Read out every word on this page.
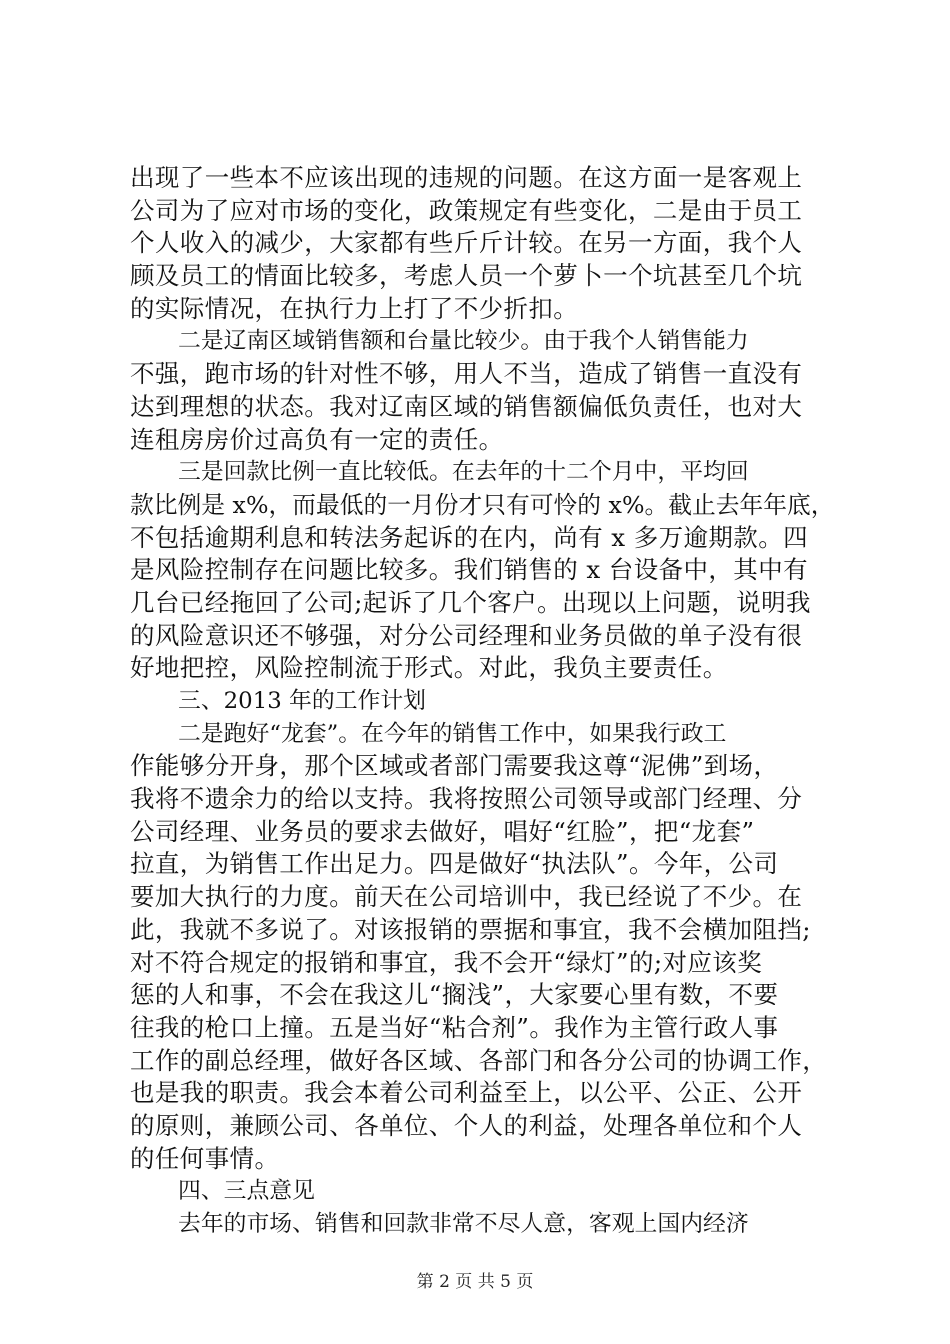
出现了一些本不应该出现的违规的问题。在这方面一是客观上
公司为了应对市场的变化，政策规定有些变化，二是由于员工
个人收入的减少，大家都有些斤斤计较。在另一方面，我个人
顾及员工的情面比较多，考虑人员一个萝卜一个坑甚至几个坑
的实际情况，在执行力上打了不少折扣。
二是辽南区域销售额和台量比较少。由于我个人销售能力
不强，跑市场的针对性不够，用人不当，造成了销售一直没有
达到理想的状态。我对辽南区域的销售额偏低负责任，也对大
连租房房价过高负有一定的责任。
三是回款比例一直比较低。在去年的十二个月中，平均回
款比例是 x%，而最低的一月份才只有可怜的 x%。截止去年年底，
不包括逾期利息和转法务起诉的在内，尚有 x 多万逾期款。四
是风险控制存在问题比较多。我们销售的 x 台设备中，其中有
几台已经拖回了公司;起诉了几个客户。出现以上问题，说明我
的风险意识还不够强，对分公司经理和业务员做的单子没有很
好地把控，风险控制流于形式。对此，我负主要责任。
三、2013 年的工作计划
二是跑好“龙套”。在今年的销售工作中，如果我行政工
作能够分开身，那个区域或者部门需要我这尊“泥佛”到场，
我将不遗余力的给以支持。我将按照公司领导或部门经理、分
公司经理、业务员的要求去做好，唱好“红脸”，把“龙套”
拉直，为销售工作出足力。四是做好“执法队”。今年，公司
要加大执行的力度。前天在公司培训中，我已经说了不少。在
此，我就不多说了。对该报销的票据和事宜，我不会横加阻挡;
对不符合规定的报销和事宜，我不会开“绿灯”的;对应该奖
惩的人和事，不会在我这儿“搁浅”，大家要心里有数，不要
往我的枪口上撞。五是当好“粘合剂”。我作为主管行政人事
工作的副总经理，做好各区域、各部门和各分公司的协调工作，
也是我的职责。我会本着公司利益至上，以公平、公正、公开
的原则，兼顾公司、各单位、个人的利益，处理各单位和个人
的任何事情。
四、三点意见
去年的市场、销售和回款非常不尽人意，客观上国内经济
第 2 页 共 5 页
